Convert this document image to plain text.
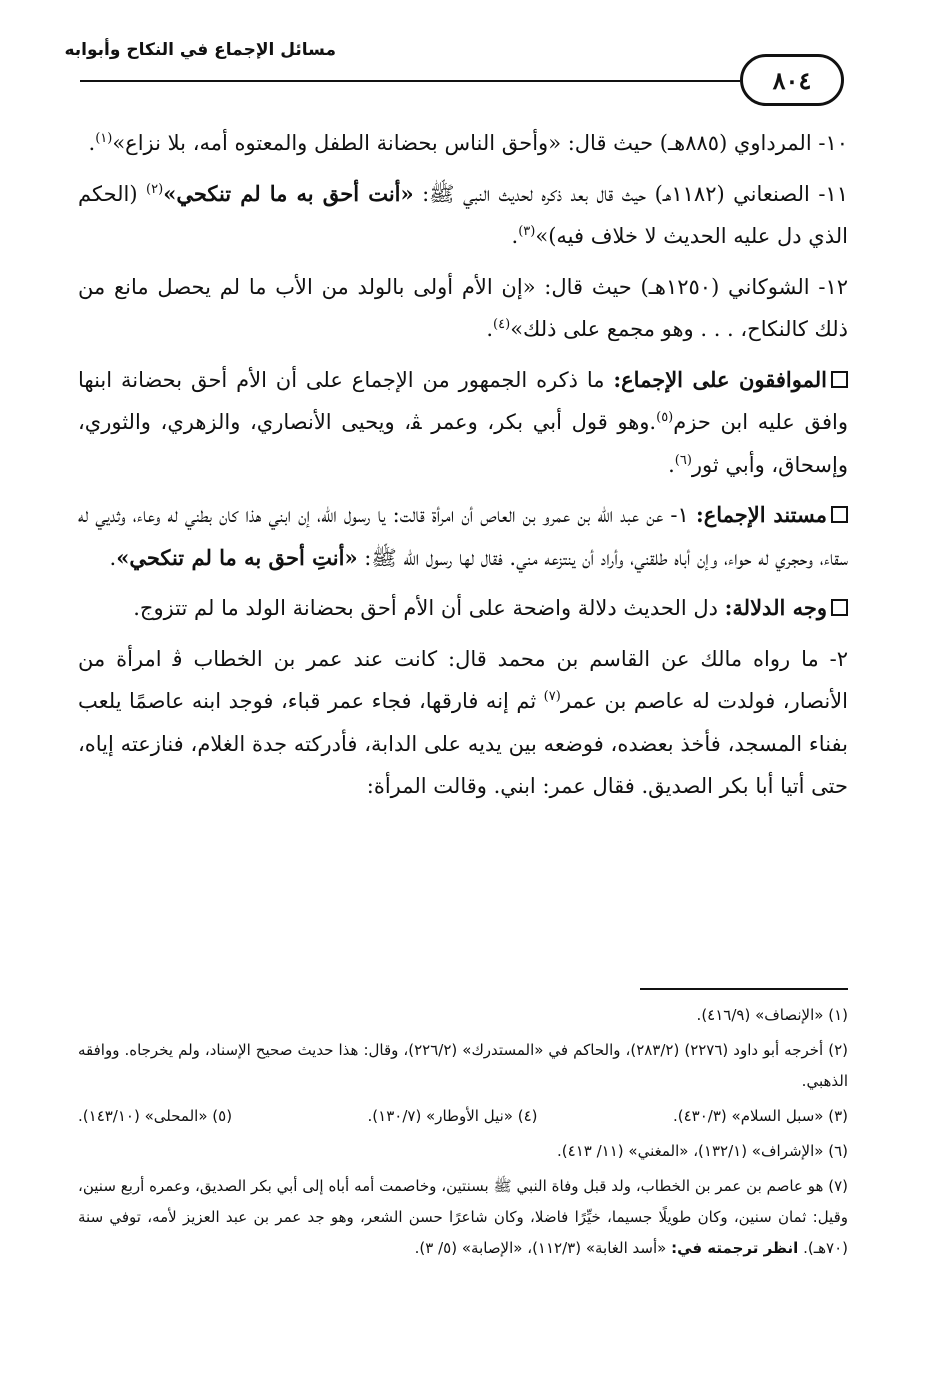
مسائل الإجماع في النكاح وأبوابه
٨٠٤

١٠- المرداوي (٨٨٥هـ) حيث قال: «وأحق الناس بحضانة الطفل والمعتوه أمه، بلا نزاع»$^{(١)}$.

١١- الصنعاني (١١٨٢هـ) حيث قال بعد ذكره لحديث النبي ﷺ: «أنت أحق به ما لم تنكحي»$^{(٢)}$ (الحكم الذي دل عليه الحديث لا خلاف فيه)»$^{(٣)}$.

١٢- الشوكاني (١٢٥٠هـ) حيث قال: «إن الأم أولى بالولد من الأب ما لم يحصل مانع من ذلك كالنكاح، . . . وهو مجمع على ذلك»$^{(٤)}$.

الموافقون على الإجماع: ما ذكره الجمهور من الإجماع على أن الأم أحق بحضانة ابنها وافق عليه ابن حزم$^{(٥)}$.وهو قول أبي بكر، وعمر ﭭ، ويحيى الأنصاري، والزهري، والثوري، وإسحاق، وأبي ثور$^{(٦)}$.

مستند الإجماع: ١- عن عبد الله بن عمرو بن العاص أن امرأة قالت: يا رسول الله، إن ابني هذا كان بطني له وعاء، وثديي له سقاء، وحجري له حواء، وإن أباه طلقني، وأراد أن ينتزعه مني. فقال لها رسول الله ﷺ: «أنتِ أحق به ما لم تنكحي».

وجه الدلالة: دل الحديث دلالة واضحة على أن الأم أحق بحضانة الولد ما لم تتزوج.

٢- ما رواه مالك عن القاسم بن محمد قال: كانت عند عمر بن الخطاب ﭬ امرأة من الأنصار، فولدت له عاصم بن عمر$^{(٧)}$ ثم إنه فارقها، فجاء عمر قباء، فوجد ابنه عاصمًا يلعب بفناء المسجد، فأخذ بعضده، فوضعه بين يديه على الدابة، فأدركته جدة الغلام، فنازعته إياه، حتى أتيا أبا بكر الصديق. فقال عمر: ابني. وقالت المرأة:

(١) «الإنصاف» (٤١٦/٩).

(٢) أخرجه أبو داود (٢٢٧٦) (٢٨٣/٢)، والحاكم في «المستدرك» (٢٢٦/٢)، وقال: هذا حديث صحيح الإسناد، ولم يخرجاه. ووافقه الذهبي.

(٣) «سبل السلام» (٤٣٠/٣).
(٤) «نيل الأوطار» (١٣٠/٧).
(٥) «المحلى» (١٤٣/١٠).

(٦) «الإشراف» (١٣٢/١)، «المغني» (١١/ ٤١٣).

(٧) هو عاصم بن عمر بن الخطاب، ولد قبل وفاة النبي ﷺ بسنتين، وخاصمت أمه أباه إلى أبي بكر الصديق، وعمره أربع سنين، وقيل: ثمان سنين، وكان طويلًا جسيما، خيِّرًا فاضلا، وكان شاعرًا حسن الشعر، وهو جد عمر بن عبد العزيز لأمه، توفي سنة (٧٠هـ). انظر ترجمته في: «أسد الغابة» (١١٢/٣)، «الإصابة» (٥/ ٣).
